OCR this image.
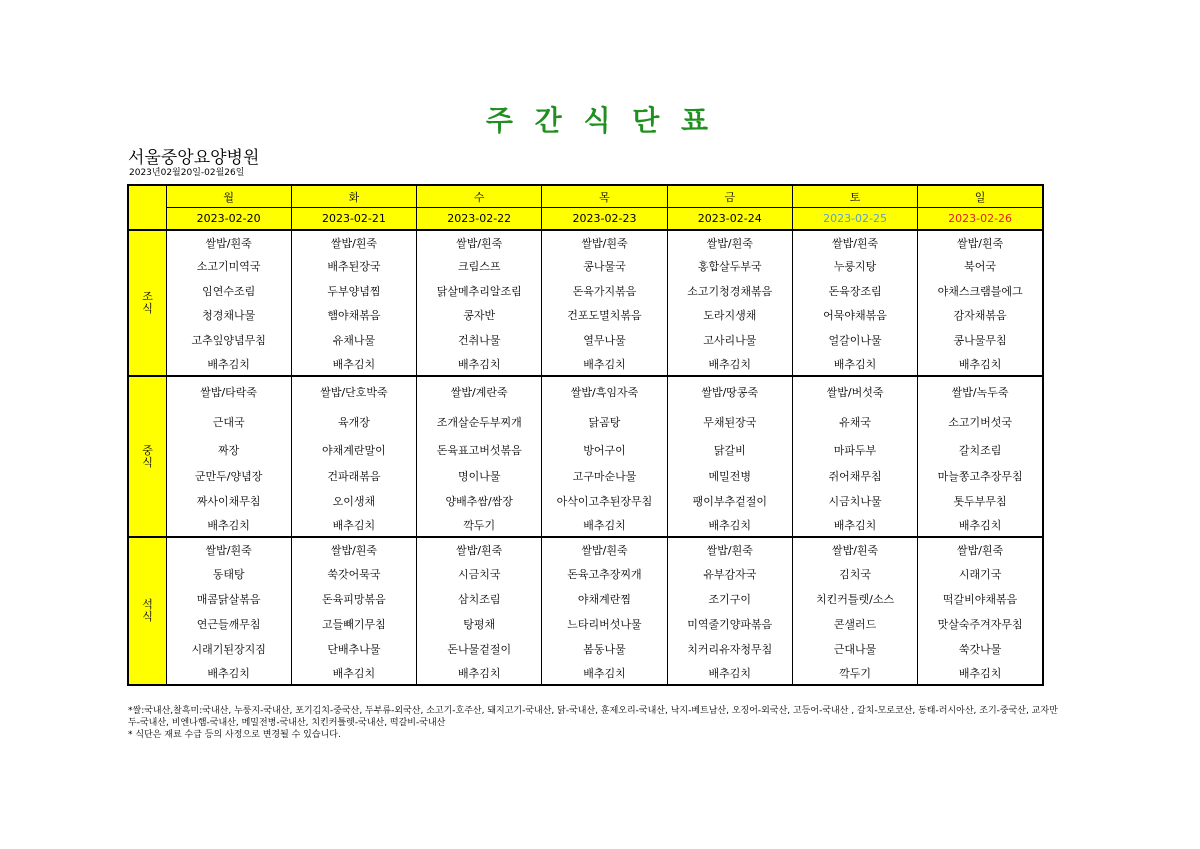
주 간 식 단 표
서울중앙요양병원
2023년02월20일-02월26일
	월	화	수	목	금	토	일
	2023-02-20	2023-02-21	2023-02-22	2023-02-23	2023-02-24	2023-02-25	2023-02-26
조식	쌀밥/흰죽	쌀밥/흰죽	쌀밥/흰죽	쌀밥/흰죽	쌀밥/흰죽	쌀밥/흰죽	쌀밥/흰죽
	소고기미역국	배추된장국	크림스프	콩나물국	홍합살두부국	누룽지탕	북어국
	임연수조림	두부양념찜	닭살메추리알조림	돈육가지볶음	소고기청경채볶음	돈육장조림	야채스크램블에그
	청경채나물	햄야채볶음	콩자반	건포도멸치볶음	도라지생채	어묵야채볶음	감자채볶음
	고추잎양념무침	유채나물	건취나물	열무나물	고사리나물	얼갈이나물	콩나물무침
	배추김치	배추김치	배추김치	배추김치	배추김치	배추김치	배추김치
중식	쌀밥/타락죽	쌀밥/단호박죽	쌀밥/계란죽	쌀밥/흑임자죽	쌀밥/땅콩죽	쌀밥/버섯죽	쌀밥/녹두죽
	근대국	육개장	조개살순두부찌개	닭곰탕	무채된장국	유채국	소고기버섯국
	짜장	야채계란말이	돈육표고버섯볶음	방어구이	닭갈비	마파두부	갈치조림
	군만두/양념장	건파래볶음	명이나물	고구마순나물	메밀전병	쥐어채무침	마늘쫑고추장무침
	짜사이채무침	오이생채	양배추쌈/쌈장	아삭이고추된장무침	팽이부추겉절이	시금치나물	톳두부무침
	배추김치	배추김치	깍두기	배추김치	배추김치	배추김치	배추김치
석식	쌀밥/흰죽	쌀밥/흰죽	쌀밥/흰죽	쌀밥/흰죽	쌀밥/흰죽	쌀밥/흰죽	쌀밥/흰죽
	동태탕	쑥갓어묵국	시금치국	돈육고추장찌개	유부감자국	김치국	시래기국
	매콤닭살볶음	돈육피망볶음	삼치조림	야채계란찜	조기구이	치킨커틀렛/소스	떡갈비야채볶음
	연근들깨무침	고들빼기무침	탕평채	느타리버섯나물	미역줄기양파볶음	콘샐러드	맛살숙주겨자무침
	시래기된장지짐	단배추나물	돈나물겉절이	봄동나물	치커리유자청무침	근대나물	쑥갓나물
	배추김치	배추김치	배추김치	배추김치	배추김치	깍두기	배추김치
*쌀:국내산,찰흑미:국내산, 누룽지-국내산, 포기김치-중국산, 두부류-외국산, 소고기-호주산, 돼지고기-국내산, 닭-국내산, 훈제오리-국내산, 낙지-베트남산, 오징어-외국산, 고등어-국내산 , 갈치-모로코산, 동태-러시아산, 조기-중국산, 교자만두-국내산, 비엔나햄-국내산, 메밀전병-국내산, 치킨커틀렛-국내산, 떡갈비-국내산
* 식단은 재료 수급 등의 사정으로 변경될 수 있습니다.
